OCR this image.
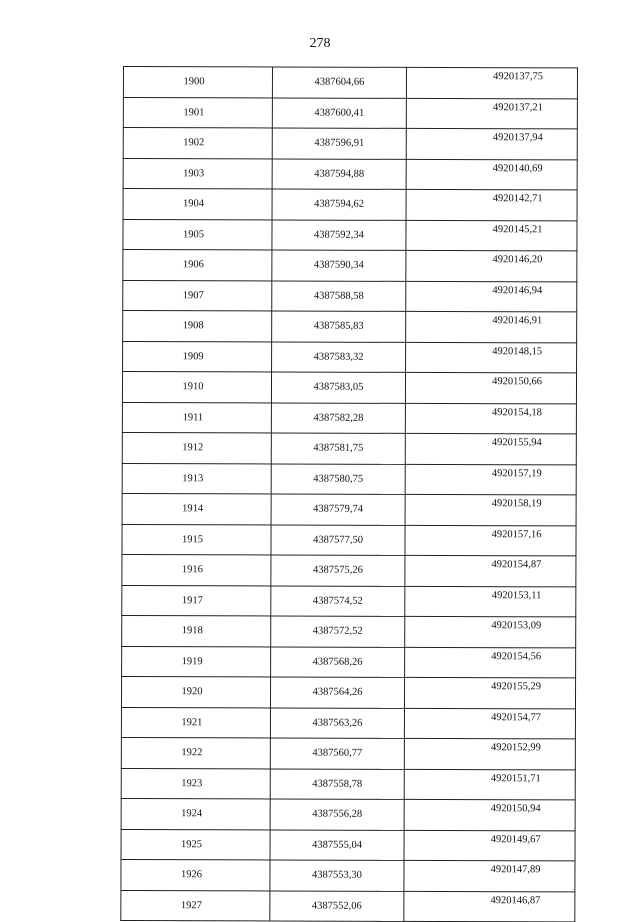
278
1900	4387604,66	4920137,75
1901	4387600,41	4920137,21
1902	4387596,91	4920137,94
1903	4387594,88	4920140,69
1904	4387594,62	4920142,71
1905	4387592,34	4920145,21
1906	4387590,34	4920146,20
1907	4387588,58	4920146,94
1908	4387585,83	4920146,91
1909	4387583,32	4920148,15
1910	4387583,05	4920150,66
1911	4387582,28	4920154,18
1912	4387581,75	4920155,94
1913	4387580,75	4920157,19
1914	4387579,74	4920158,19
1915	4387577,50	4920157,16
1916	4387575,26	4920154,87
1917	4387574,52	4920153,11
1918	4387572,52	4920153,09
1919	4387568,26	4920154,56
1920	4387564,26	4920155,29
1921	4387563,26	4920154,77
1922	4387560,77	4920152,99
1923	4387558,78	4920151,71
1924	4387556,28	4920150,94
1925	4387555,04	4920149,67
1926	4387553,30	4920147,89
1927	4387552,06	4920146,87
